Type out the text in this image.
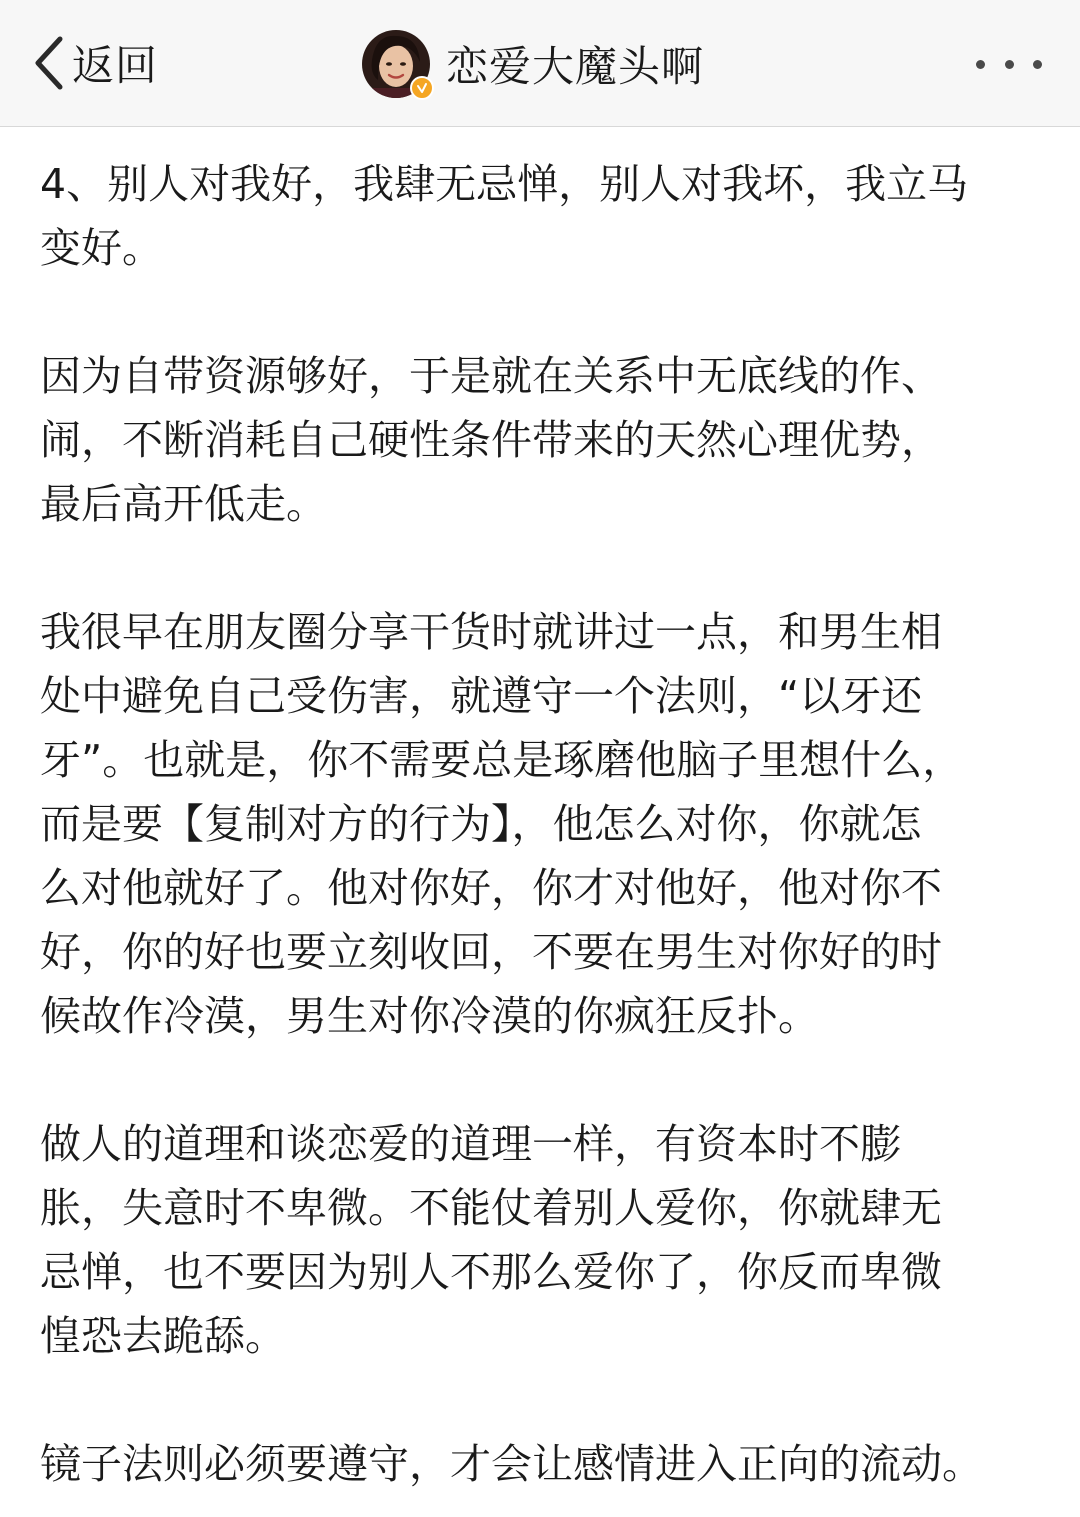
返回	恋爱大魔头啊

4、别人对我好，我肆无忌惮，别人对我坏，我立马
变好。

因为自带资源够好，于是就在关系中无底线的作、
闹，不断消耗自己硬性条件带来的天然心理优势，
最后高开低走。

我很早在朋友圈分享干货时就讲过一点，和男生相
处中避免自己受伤害，就遵守一个法则，“以牙还
牙”。也就是，你不需要总是琢磨他脑子里想什么，
而是要【复制对方的行为】，他怎么对你，你就怎
么对他就好了。他对你好，你才对他好，他对你不
好，你的好也要立刻收回，不要在男生对你好的时
候故作冷漠，男生对你冷漠的你疯狂反扑。

做人的道理和谈恋爱的道理一样，有资本时不膨
胀，失意时不卑微。不能仗着别人爱你，你就肆无
忌惮，也不要因为别人不那么爱你了，你反而卑微
惶恐去跪舔。

镜子法则必须要遵守，才会让感情进入正向的流动。
